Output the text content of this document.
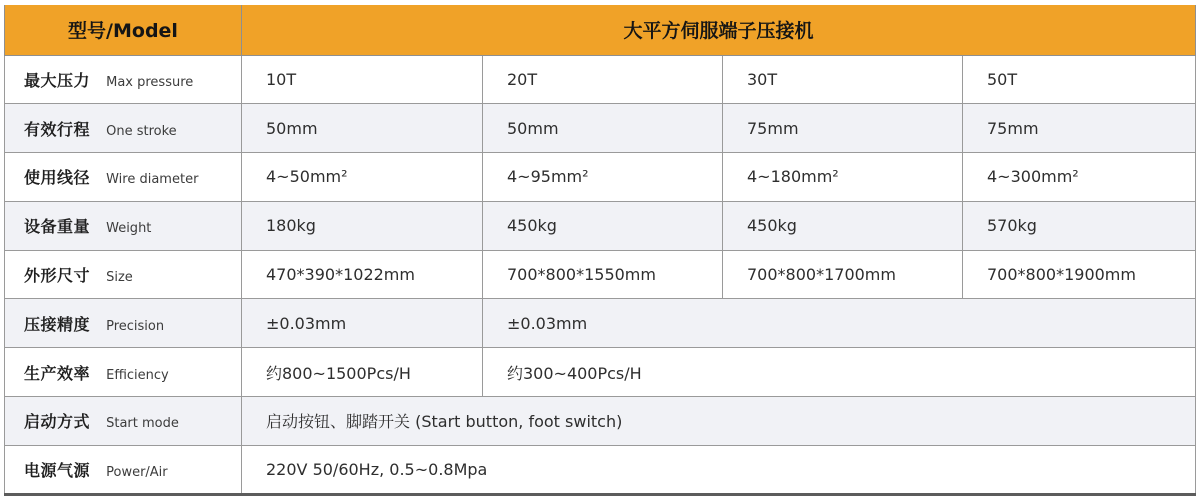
型号/Model	大平方伺服端子压接机			
最大压力 Max pressure	10T	20T	30T	50T
有效行程 One stroke	50mm	50mm	75mm	75mm
使用线径 Wire diameter	4~50mm²	4~95mm²	4~180mm²	4~300mm²
设备重量 Weight	180kg	450kg	450kg	570kg
外形尺寸 Size	470*390*1022mm	700*800*1550mm	700*800*1700mm	700*800*1900mm
压接精度 Precision	±0.03mm	±0.03mm		
生产效率 Efficiency	约800~1500Pcs/H	约300~400Pcs/H		
启动方式 Start mode	启动按钮、脚踏开关 (Start button, foot switch)			
电源气源 Power/Air	220V 50/60Hz, 0.5~0.8Mpa			
